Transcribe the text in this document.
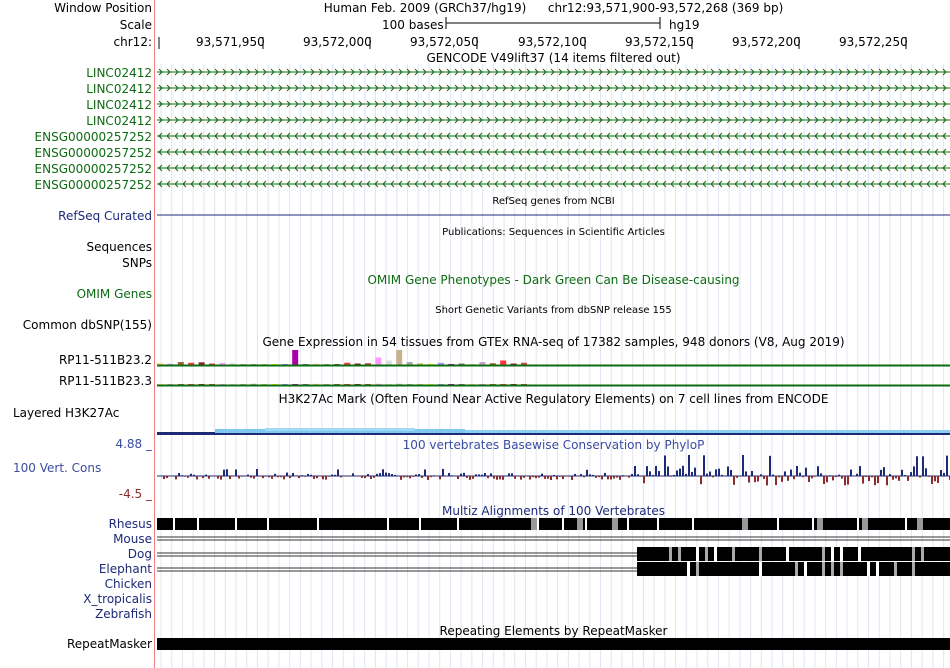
Window Position
Scale
chr12:
LINC02412
LINC02412
LINC02412
LINC02412
ENSG00000257252
ENSG00000257252
ENSG00000257252
ENSG00000257252
RefSeq Curated
Sequences
SNPs
OMIM Genes
Common dbSNP(155)
RP11-511B23.2
RP11-511B23.3
Layered H3K27Ac
4.88 _
100 Vert. Cons
-4.5 _
Rhesus
Mouse
Dog
Elephant
Chicken
X_tropicalis
Zebrafish
RepeatMasker
Human Feb. 2009 (GRCh37/hg19) chr12:93,571,900-93,572,268 (369 bp)
100 bases	hg19
93,571,950	93,572,000	93,572,050	93,572,100	93,572,150	93,572,200	93,572,250
GENCODE V49lift37 (14 items filtered out)
RefSeq genes from NCBI
Publications: Sequences in Scientific Articles
OMIM Gene Phenotypes - Dark Green Can Be Disease-causing
Short Genetic Variants from dbSNP release 155
Gene Expression in 54 tissues from GTEx RNA-seq of 17382 samples, 948 donors (V8, Aug 2019)
H3K27Ac Mark (Often Found Near Active Regulatory Elements) on 7 cell lines from ENCODE
100 vertebrates Basewise Conservation by PhyloP
Multiz Alignments of 100 Vertebrates
Repeating Elements by RepeatMasker
